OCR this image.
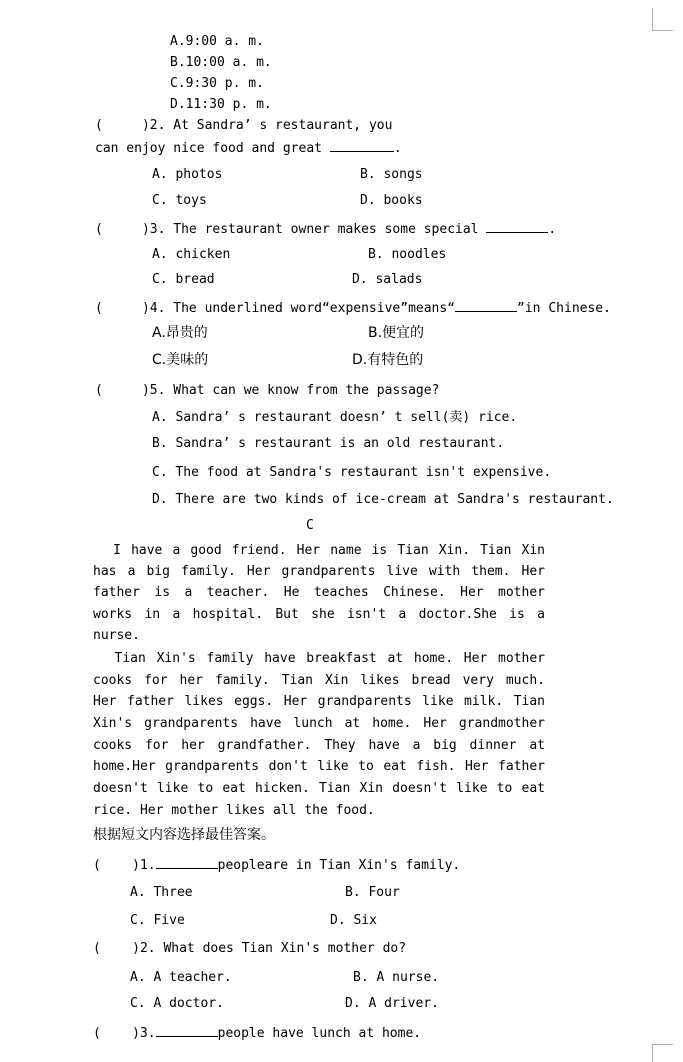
A.9:00 a. m.
B.10:00 a. m.
C.9:30 p. m.
D.11:30 p. m.
(     )2. At Sandra’ s restaurant, you
can enjoy nice food and great	.
A. photos	B. songs
C. toys	D. books
(     )3. The restaurant owner makes some special	.
A. chicken	B. noodles
C. bread	D. salads
(     )4. The underlined word“expensive”means“	”in Chinese.
A.昂贵的	B.便宜的
C.美味的	D.有特色的
(     )5. What can we know from the passage?
A. Sandra’ s restaurant doesn’ t sell(卖) rice.
B. Sandra’ s restaurant is an old restaurant.
C. The food at Sandra's restaurant isn't expensive.
D. There are two kinds of ice-cream at Sandra's restaurant.
C
I have a good friend. Her name is Tian Xin. Tian Xin
has a big family. Her grandparents live with them. Her
father is a teacher. He teaches Chinese. Her mother
works in a hospital. But she isn't a doctor.She is a
nurse.
Tian Xin's family have breakfast at home. Her mother
cooks for her family. Tian Xin likes bread very much.
Her father likes eggs. Her grandparents like milk. Tian
Xin's grandparents have lunch at home. Her grandmother
cooks for her grandfather. They have a big dinner at
home.Her grandparents don't like to eat fish. Her father
doesn't like to eat hicken. Tian Xin doesn't like to eat
rice. Her mother likes all the food.
根据短文内容选择最佳答案。
(    )1.	peopleare in Tian Xin's family.
A. Three	B. Four
C. Five	D. Six
(    )2. What does Tian Xin's mother do?
A. A teacher.	B. A nurse.
C. A doctor.	D. A driver.
(    )3.	people have lunch at home.
